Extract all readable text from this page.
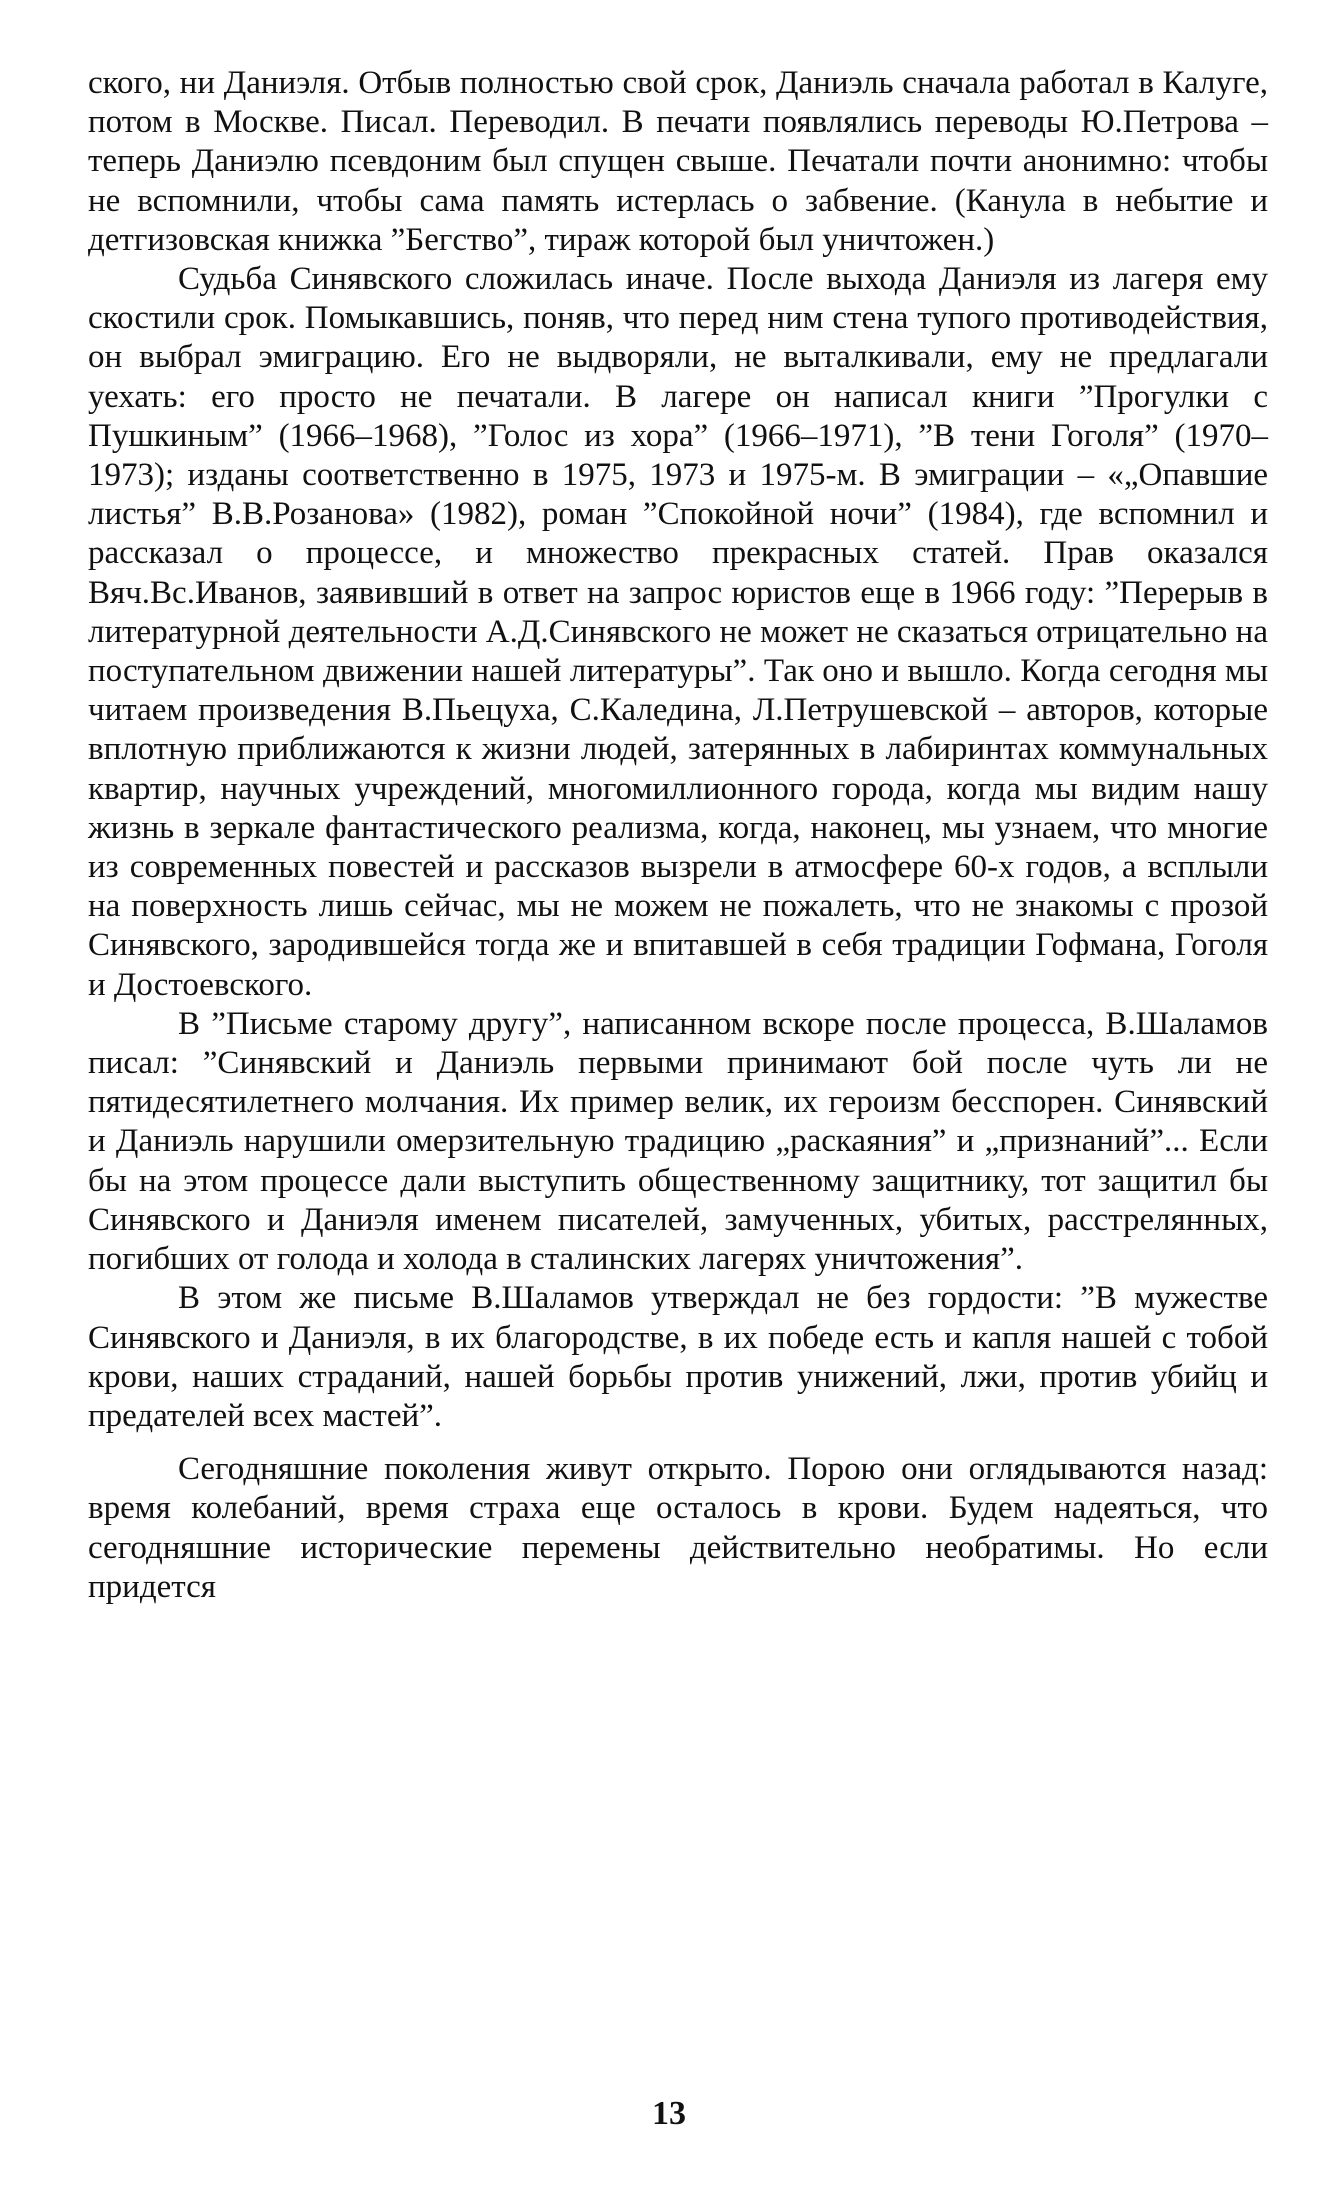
ского, ни Даниэля. Отбыв полностью свой срок, Даниэль сначала работал в Калуге, потом в Москве. Писал. Переводил. В печати появлялись переводы Ю.Петрова – теперь Даниэлю псевдоним был спущен свыше. Печатали почти анонимно: чтобы не вспомнили, чтобы сама память истерлась о забвение. (Канула в небытие и детгизовская книжка ”Бегство”, тираж которой был уничтожен.)

Судьба Синявского сложилась иначе. После выхода Даниэля из лагеря ему скостили срок. Помыкавшись, поняв, что перед ним стена тупого противодействия, он выбрал эмиграцию. Его не выдворяли, не выталкивали, ему не предлагали уехать: его просто не печатали. В лагере он написал книги ”Прогулки с Пушкиным” (1966–1968), ”Голос из хора” (1966–1971), ”В тени Гоголя” (1970–1973); изданы соответственно в 1975, 1973 и 1975-м. В эмиграции – «„Опавшие листья” В.В.Розанова» (1982), роман ”Спокойной ночи” (1984), где вспомнил и рассказал о процессе, и множество прекрасных статей. Прав оказался Вяч.Вс.Иванов, заявивший в ответ на запрос юристов еще в 1966 году: ”Перерыв в литературной деятельности А.Д.Синявского не может не сказаться отрицательно на поступательном движении нашей литературы”. Так оно и вышло. Когда сегодня мы читаем произведения В.Пьецуха, С.Каледина, Л.Петрушевской – авторов, которые вплотную приближаются к жизни людей, затерянных в лабиринтах коммунальных квартир, научных учреждений, многомиллионного города, когда мы видим нашу жизнь в зеркале фантастического реализма, когда, наконец, мы узнаем, что многие из современных повестей и рассказов вызрели в атмосфере 60-х годов, а всплыли на поверхность лишь сейчас, мы не можем не пожалеть, что не знакомы с прозой Синявского, зародившейся тогда же и впитавшей в себя традиции Гофмана, Гоголя и Достоевского.

В ”Письме старому другу”, написанном вскоре после процесса, В.Шаламов писал: ”Синявский и Даниэль первыми принимают бой после чуть ли не пятидесятилетнего молчания. Их пример велик, их героизм бесспорен. Синявский и Даниэль нарушили омерзительную традицию „раскаяния” и „признаний”... Если бы на этом процессе дали выступить общественному защитнику, тот защитил бы Синявского и Даниэля именем писателей, замученных, убитых, расстрелянных, погибших от голода и холода в сталинских лагерях уничтожения”.

В этом же письме В.Шаламов утверждал не без гордости: ”В мужестве Синявского и Даниэля, в их благородстве, в их победе есть и капля нашей с тобой крови, наших страданий, нашей борьбы против унижений, лжи, против убийц и предателей всех мастей”.

Сегодняшние поколения живут открыто. Порою они оглядываются назад: время колебаний, время страха еще осталось в крови. Будем надеяться, что сегодняшние исторические перемены действительно необратимы. Но если придется

13
